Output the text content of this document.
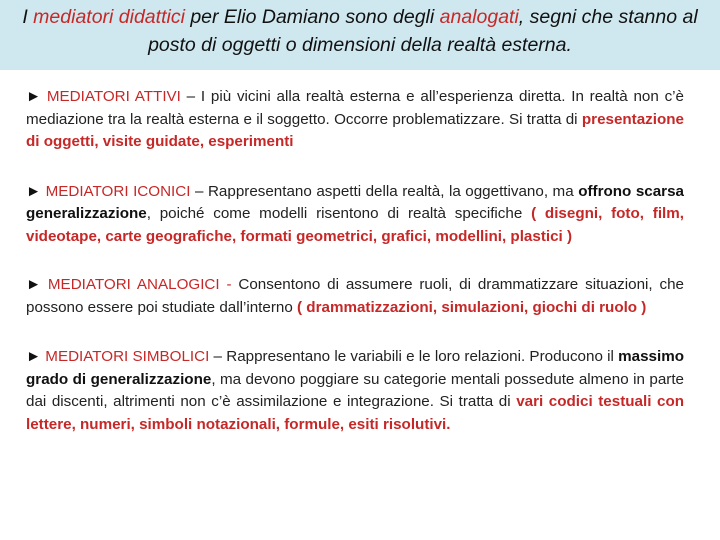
I mediatori didattici per Elio Damiano sono degli analogati, segni che stanno al posto di oggetti o dimensioni della realtà esterna.

► MEDIATORI ATTIVI – I più vicini alla realtà esterna e all’esperienza diretta. In realtà non c’è mediazione tra la realtà esterna e il soggetto. Occorre problematizzare. Si tratta di presentazione di oggetti, visite guidate, esperimenti

► MEDIATORI ICONICI – Rappresentano aspetti della realtà, la oggettivano, ma offrono scarsa generalizzazione, poiché come modelli risentono di realtà specifiche ( disegni, foto, film, videotape, carte geografiche, formati geometrici, grafici, modellini, plastici )

► MEDIATORI ANALOGICI - Consentono di assumere ruoli, di drammatizzare situazioni, che possono essere poi studiate dall’interno ( drammatizzazioni, simulazioni, giochi di ruolo )

► MEDIATORI SIMBOLICI – Rappresentano le variabili e le loro relazioni. Producono il massimo grado di generalizzazione, ma devono poggiare su categorie mentali possedute almeno in parte dai discenti, altrimenti non c’è assimilazione e integrazione. Si tratta di vari codici testuali con lettere, numeri, simboli notazionali, formule, esiti risolutivi.
